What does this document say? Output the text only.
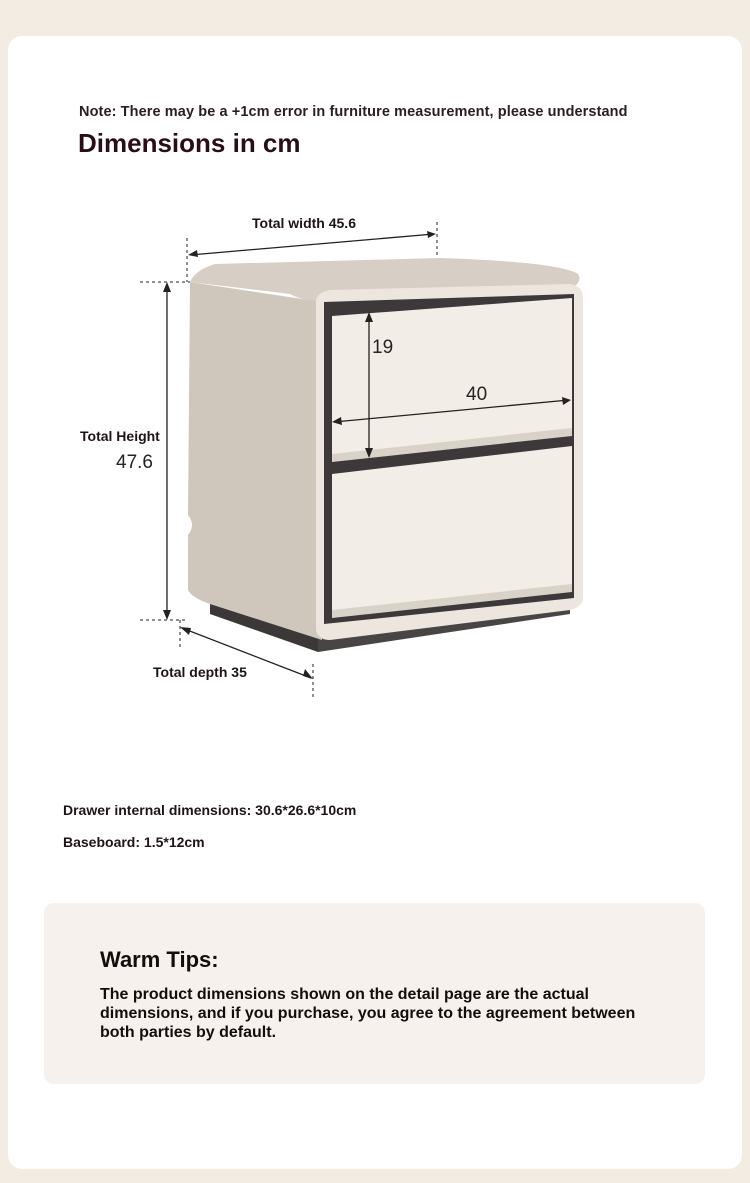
Note: There may be a +1cm error in furniture measurement, please understand
Dimensions in cm
Total width 45.6
Total Height
47.6
Total depth 35
19
40
Drawer internal dimensions: 30.6*26.6*10cm
Baseboard: 1.5*12cm
Warm Tips:
The product dimensions shown on the detail page are the actual dimensions, and if you purchase, you agree to the agreement between both parties by default.
